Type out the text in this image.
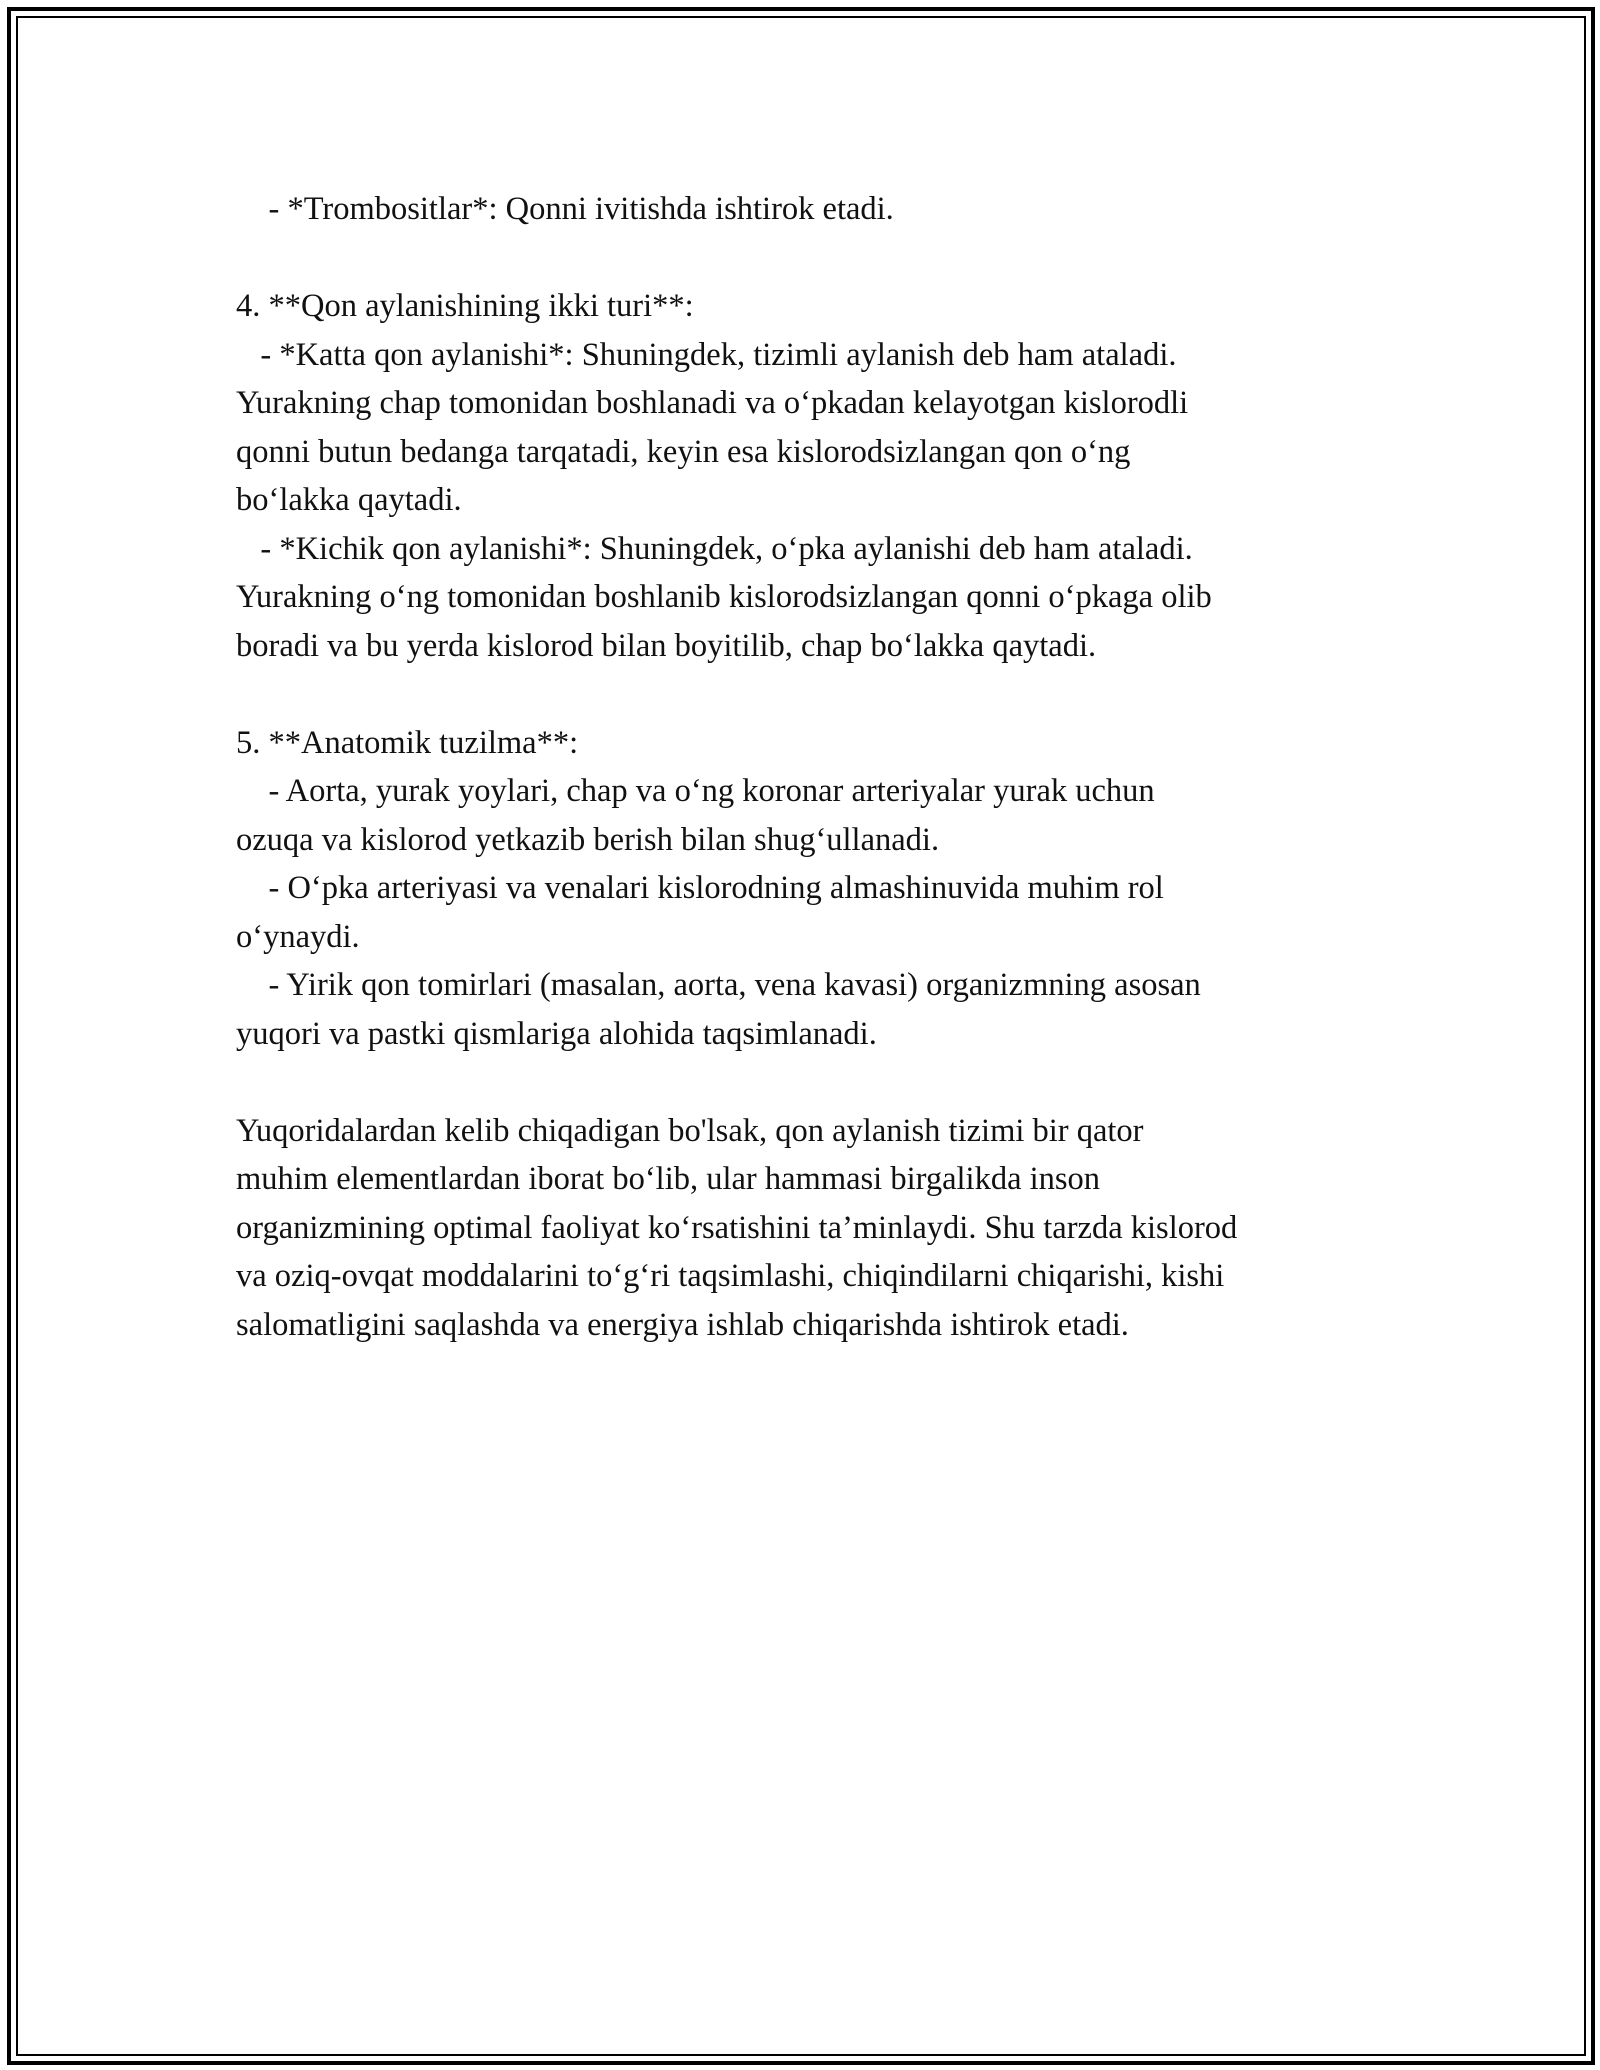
- *Trombositlar*: Qonni ivitishda ishtirok etadi.
4. **Qon aylanishining ikki turi**:
- *Katta qon aylanishi*: Shuningdek, tizimli aylanish deb ham ataladi.
Yurakning chap tomonidan boshlanadi va o‘pkadan kelayotgan kislorodli
qonni butun bedanga tarqatadi, keyin esa kislorodsizlangan qon o‘ng
bo‘lakka qaytadi.
- *Kichik qon aylanishi*: Shuningdek, o‘pka aylanishi deb ham ataladi.
Yurakning o‘ng tomonidan boshlanib kislorodsizlangan qonni o‘pkaga olib
boradi va bu yerda kislorod bilan boyitilib, chap bo‘lakka qaytadi.
5. **Anatomik tuzilma**:
- Aorta, yurak yoylari, chap va o‘ng koronar arteriyalar yurak uchun
ozuqa va kislorod yetkazib berish bilan shug‘ullanadi.
- O‘pka arteriyasi va venalari kislorodning almashinuvida muhim rol
o‘ynaydi.
- Yirik qon tomirlari (masalan, aorta, vena kavasi) organizmning asosan
yuqori va pastki qismlariga alohida taqsimlanadi.
Yuqoridalardan kelib chiqadigan bo'lsak, qon aylanish tizimi bir qator
muhim elementlardan iborat bo‘lib, ular hammasi birgalikda inson
organizmining optimal faoliyat ko‘rsatishini ta’minlaydi. Shu tarzda kislorod
va oziq-ovqat moddalarini to‘g‘ri taqsimlashi, chiqindilarni chiqarishi, kishi
salomatligini saqlashda va energiya ishlab chiqarishda ishtirok etadi.
